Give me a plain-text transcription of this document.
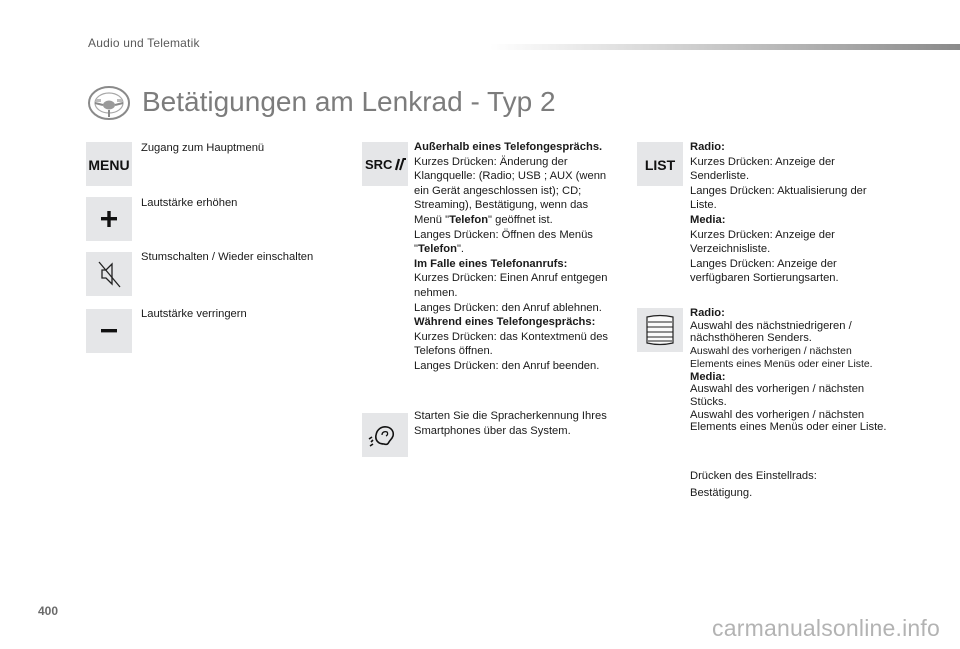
Audio und Telematik
Betätigungen am Lenkrad - Typ 2
MENU
Zugang zum Hauptmenü
Lautstärke erhöhen
Stumschalten / Wieder einschalten
Lautstärke verringern
SRC

Außerhalb eines Telefongesprächs.

Kurzes Drücken: Änderung der Klangquelle: (Radio; USB ; AUX (wenn ein Gerät angeschlossen ist); CD; Streaming), Bestätigung, wenn das Menü "Telefon" geöffnet ist.

Langes Drücken: Öffnen des Menüs "Telefon".

Im Falle eines Telefonanrufs:

Kurzes Drücken: Einen Anruf entgegen nehmen.

Langes Drücken: den Anruf ablehnen.

Während eines Telefongesprächs:

Kurzes Drücken: das Kontextmenü des Telefons öffnen.

Langes Drücken: den Anruf beenden.

Starten Sie die Spracherkennung Ihres Smartphones über das System.
LIST

Radio:

Kurzes Drücken: Anzeige der Senderliste.

Langes Drücken: Aktualisierung der Liste.

Media:

Kurzes Drücken: Anzeige der Verzeichnisliste.

Langes Drücken: Anzeige der verfügbaren Sortierungsarten.

Radio:

Auswahl des nächstniedrigeren / nächsthöheren Senders.

Auswahl des vorherigen / nächsten Elements eines Menüs oder einer Liste.

Media:

Auswahl des vorherigen / nächsten Stücks.

Auswahl des vorherigen / nächsten Elements eines Menüs oder einer Liste.

Drücken des Einstellrads: Bestätigung.
400
carmanualsonline.info
